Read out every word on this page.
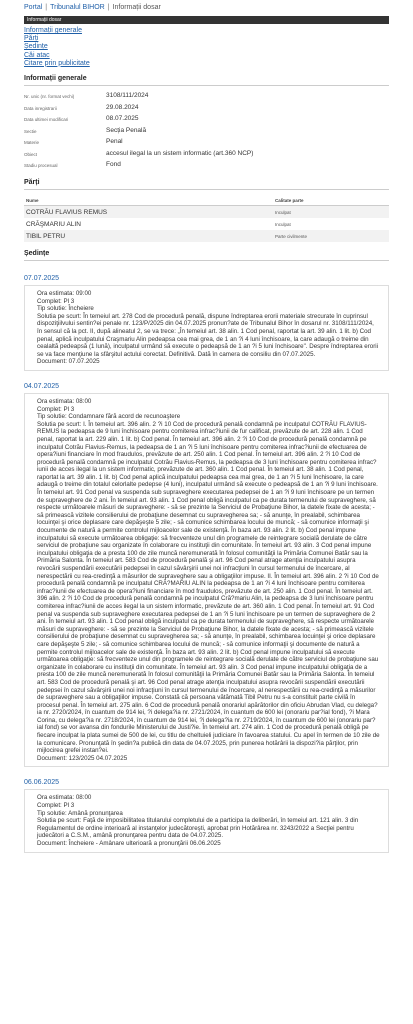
Portal | Tribunalul BIHOR | Informații dosar
Informații dosar
Informații generale
Părți
Ședințe
Căi atac
Citare prin publicitate
Informații generale
Nr. unic (nr. format vechi)	3108/111/2024
Data inregistrarii	29.08.2024
Data ultimei modificari	08.07.2025
Sectie	Secția Penală
Materie	Penal
Obiect	accesul ilegal la un sistem informatic (art.360 NCP)
Stadiu procesual	Fond
Părți
Nume	Calitate parte
COTRĂU FLAVIUS REMUS	Inculpat
CRĂŞMARIU ALIN	Inculpat
TIBIL PETRU	Parte civilmente
Ședințe
07.07.2025
Ora estimata: 09:00
Complet: Pl 3
Tip solutie: Încheiere

Solutia pe scurt: În temeiul art. 278 Cod de procedură penală, dispune îndreptarea erorii materiale strecurate în cuprinsul dispoziţiilvului sentin?ei penale nr. 123/P/2025 din 04.07.2025 pronun?ate de Tribunalul Bihor în dosarul nr. 3108/111/2024, în sensul că la pct. II, după alineatul 2, se va trece: „În temeiul art. 38 alin. 1 Cod penal, raportat la art. 39 alin. 1 lit. b) Cod penal, aplică inculpatului Craşmariu Alin pedeapsa cea mai grea, de 1 an ?i 4 luni închisoare, la care adaugă o treime din cealaltă pedeapsă (1 lună), inculpatul urmând să execute o pedeapsă de 1 an ?i 5 luni închisoare". Despre îndreptarea erorii se va face menţiune la sfârşitul actului corectat. Definitivă. Dată în camera de consiliu din 07.07.2025.

Document: 07.07.2025
04.07.2025
Ora estimata: 08:00
Complet: Pl 3
Tip solutie: Condamnare fără acord de recunoaştere

Solutia pe scurt: I. În temeiul art. 396 alin. 2 ?i 10 Cod de procedură penală condamnă pe inculpatul COTRĂU FLAVIUS-REMUS la pedeapsa de 9 luni închisoare pentru comiterea infrac?iunii de fur calificat, prevăzute de art. 228 alin. 1 Cod penal, raportat la art. 229 alin. 1 lit. b) Cod penal. În temeiul art. 396 alin. 2 ?i 10 Cod de procedură penală condamnă pe inculpatul Cotrău Flavius-Remus, la pedeapsa de 1 an ?i 5 luni închisoare pentru comiterea infrac?iunii de efectuarea de opera?iuni financiare în mod fraudulos, prevăzute de art. 250 alin. 1 Cod penal. În temeiul art. 396 alin. 2 ?i 10 Cod de procedură penală condamnă pe inculpatul Cotrău Flavius-Remus, la pedeapsa de 3 luni închisoare pentru comiterea infrac?iunii de acces ilegal la un sistem informatic, prevăzute de art. 360 alin. 1 Cod penal. În temeiul art. 38 alin. 1 Cod penal, raportat la art. 39 alin. 1 lit. b) Cod penal aplică inculpatului pedeapsa cea mai grea, de 1 an ?i 5 luni închisoare, la care adaugă o treime din totalul celorlalte pedepse (4 luni), inculpatul urmând să execute o pedeapsă de 1 an ?i 9 luni închisoare. În temeiul art. 91 Cod penal va suspenda sub supraveghere executarea pedepsei de 1 an ?i 9 luni închisoare pe un termen de supraveghere de 2 ani. În temeiul art. 93 alin. 1 Cod penal obligă inculpatul ca pe durata termenului de supraveghere, să respecte următoarele măsuri de supraveghere: - să se prezinte la Serviciul de Probaţiune Bihor, la datele fixate de acesta; - să primească vizitele consilierului de probaţiune desemnat cu supravegherea sa; - să anunţe, în prealabil, schimbarea locuinţei şi orice deplasare care depăşeşte 5 zile; - să comunice schimbarea locului de muncă; - să comunice informaţii şi documente de natură a permite controlul mijloacelor sale de existenţă. În baza art. 93 alin. 2 lit. b) Cod penal impune inculpatului să execute următoarea obligaţie: să frecventeze unul din programele de reintegrare socială derulate de către serviciul de probaţiune sau organizate în colaborare cu instituţii din comunitate. În temeiul art. 93 alin. 3 Cod penal impune inculpatului obligaţia de a presta 100 de zile muncă neremunerată în folosul comunităţii la Primăria Comunei Batăr sau la Primăria Salonta. În temeiul art. 583 Cod de procedură penală şi art. 96 Cod penal atrage atenţia inculpatului asupra revocării suspendării executării pedepsei în cazul săvârşirii unei noi infracţiuni în cursul termenului de încercare, al nerespectării cu rea-credinţă a măsurilor de supraveghere sau a obligaţiilor impuse. II. În temeiul art. 396 alin. 2 ?i 10 Cod de procedură penală condamnă pe inculpatul CRĂ?MARIU ALIN la pedeapsa de 1 an ?i 4 luni închisoare pentru comiterea infrac?iunii de efectuarea de opera?iuni financiare în mod fraudulos, prevăzute de art. 250 alin. 1 Cod penal. În temeiul art. 396 alin. 2 ?i 10 Cod de procedură penală condamnă pe inculpatul Cră?mariu Alin, la pedeapsa de 3 luni închisoare pentru comiterea infrac?iunii de acces ilegal la un sistem informatic, prevăzute de art. 360 alin. 1 Cod penal. În temeiul art. 91 Cod penal va suspenda sub supraveghere executarea pedepsei de 1 an ?i 5 luni închisoare pe un termen de supraveghere de 2 ani. În temeiul art. 93 alin. 1 Cod penal obligă inculpatul ca pe durata termenului de supraveghere, să respecte următoarele măsuri de supraveghere: - să se prezinte la Serviciul de Probaţiune Bihor, la datele fixate de acesta; - să primească vizitele consilierului de probaţiune desemnat cu supravegherea sa; - să anunţe, în prealabil, schimbarea locuinţei şi orice deplasare care depăşeşte 5 zile; - să comunice schimbarea locului de muncă; - să comunice informaţii şi documente de natură a permite controlul mijloacelor sale de existenţă. În baza art. 93 alin. 2 lit. b) Cod penal impune inculpatului să execute următoarea obligaţie: să frecventeze unul din programele de reintegrare socială derulate de către serviciul de probaţiune sau organizate în colaborare cu instituţii din comunitate. În temeiul art. 93 alin. 3 Cod penal impune inculpatului obligaţia de a presta 100 de zile muncă neremunerată în folosul comunităţii la Primăria Comunei Batăr sau la Primăria Salonta. În temeiul art. 583 Cod de procedură penală şi art. 96 Cod penal atrage atenţia inculpatului asupra revocării suspendării executării pedepsei în cazul săvârşirii unei noi infracţiuni în cursul termenului de încercare, al nerespectării cu rea-credinţă a măsurilor de supraveghere sau a obligaţiilor impuse. Constată că persoana vătămată Tibil Petru nu s-a constituit parte civilă în procesul penal. În temeiul art. 275 alin. 6 Cod de procedură penală onorariul apărătorilor din oficiu Abrudan Vlad, cu delega?ia nr. 2720/2024, în cuantum de 914 lei, ?i delega?ia nr. 2721/2024, în cuantum de 600 lei (onorariu par?ial fond), ?i Mara Corina, cu delega?ia nr. 2718/2024, în cuantum de 914 lei, ?i delega?ia nr. 2719/2024, în cuantum de 600 lei (onorariu par?ial fond) se vor avansa din fondurile Ministerului de Justi?ie. În temeiul art. 274 alin. 1 Cod de procedură penală obligă pe fiecare inculpat la plata sumei de 500 de lei, cu titlu de cheltuieli judiciare în favoarea statului. Cu apel în termen de 10 zile de la comunicare. Pronunţată în şedin?a publică din data de 04.07.2025, prin punerea hotărârii la dispozi?ia părţilor, prin mijlocirea grefei instan?ei.

Document: 123/2025 04.07.2025
06.06.2025
Ora estimata: 08:00
Complet: Pl 3
Tip solutie: Amână pronunţarea

Solutia pe scurt: Faţă de imposibilitatea titularului completului de a participa la deliberări, în temeiul art. 121 alin. 3 din Regulamentul de ordine interioară al instanţelor judecătoreşti, aprobat prin Hotărârea nr. 3243/2022 a Secţiei pentru judecători a C.S.M., amână pronunţarea pentru data de 04.07.2025.

Document: Încheiere - Amânare ulterioară a pronunţării 06.06.2025
